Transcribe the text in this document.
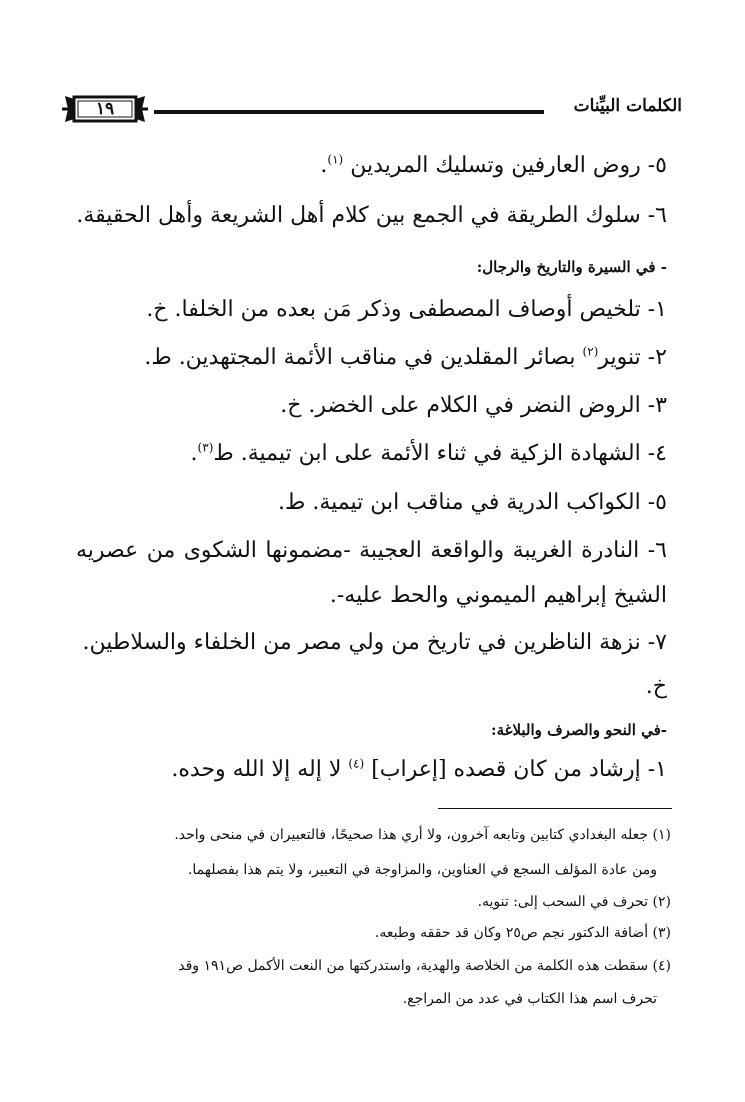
الكلمات البيِّنات
١٩
٥- روض العارفين وتسليك المريدين $^{(١)}$.
٦- سلوك الطريقة في الجمع بين كلام أهل الشريعة وأهل الحقيقة.
- في السيرة والتاريخ والرجال:
١- تلخيص أوصاف المصطفى وذكر مَن بعده من الخلفا. خ.
٢- تنوير$^{(٢)}$ بصائر المقلدين في مناقب الأئمة المجتهدين. ط.
٣- الروض النضر في الكلام على الخضر. خ.
٤- الشهادة الزكية في ثناء الأئمة على ابن تيمية. ط$^{(٣)}$.
٥- الكواكب الدرية في مناقب ابن تيمية. ط.
٦- النادرة الغريبة والواقعة العجيبة -مضمونها الشكوى من عصريه
الشيخ إبراهيم الميموني والحط عليه-.
٧- نزهة الناظرين في تاريخ من ولي مصر من الخلفاء والسلاطين.
خ.
-في النحو والصرف والبلاغة:
١- إرشاد من كان قصده [إعراب] $^{(٤)}$ لا إله إلا الله وحده.
(١) جعله البغدادي كتابين وتابعه آخرون، ولا أري هذا صحيحًا، فالتعبيران في منحى واحد.
ومن عادة المؤلف السجع في العناوين، والمزاوجة في التعبير، ولا يتم هذا بفصلهما.
(٢) تحرف في السحب إلى: تنويه.
(٣) أضافة الدكتور نجم ص٢٥ وكان قد حققه وطبعه.
(٤) سقطت هذه الكلمة من الخلاصة والهدية، واستدركتها من النعت الأكمل ص١٩١ وقد
تحرف اسم هذا الكتاب في عدد من المراجع.
